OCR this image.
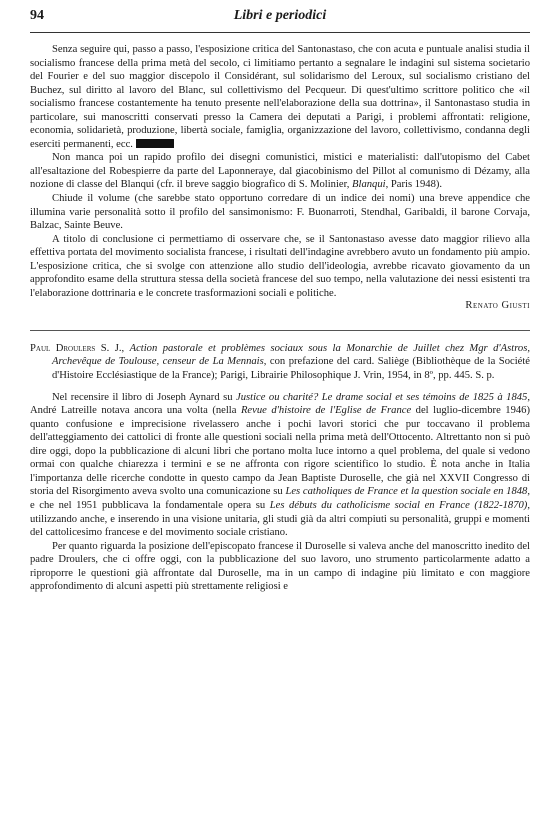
94	Libri e periodici

Senza seguire qui, passo a passo, l'esposizione critica del Santonastaso, che con acuta e puntuale analisi studia il socialismo francese della prima metà del secolo, ci limitiamo pertanto a segnalare le indagini sul sistema societario del Fourier e del suo maggior discepolo il Considérant, sul solidarismo del Leroux, sul socialismo cristiano del Buchez, sul diritto al lavoro del Blanc, sul collettivismo del Pecqueur. Di quest'ultimo scrittore politico che «il socialismo francese costantemente ha tenuto presente nell'elaborazione della sua dottrina», il Santonastaso studia in particolare, sui manoscritti conservati presso la Camera dei deputati a Parigi, i problemi affrontati: religione, economia, solidarietà, produzione, libertà sociale, famiglia, organizzazione del lavoro, collettivismo, condanna degli eserciti permanenti, ecc.

Non manca poi un rapido profilo dei disegni comunistici, mistici e materialisti: dall'utopismo del Cabet all'esaltazione del Robespierre da parte del Laponneraye, dal giacobinismo del Pillot al comunismo di Dézamy, alla nozione di classe del Blanqui (cfr. il breve saggio biografico di S. Molinier, Blanqui, Paris 1948).

Chiude il volume (che sarebbe stato opportuno corredare di un indice dei nomi) una breve appendice che illumina varie personalità sotto il profilo del sansimonismo: F. Buonarroti, Stendhal, Garibaldi, il barone Corvaja, Balzac, Sainte Beuve.

A titolo di conclusione ci permettiamo di osservare che, se il Santonastaso avesse dato maggior rilievo alla effettiva portata del movimento socialista francese, i risultati dell'indagine avrebbero avuto un fondamento più ampio. L'esposizione critica, che si svolge con attenzione allo studio dell'ideologia, avrebbe ricavato giovamento da un approfondito esame della struttura stessa della società francese del suo tempo, nella valutazione dei nessi esistenti tra l'elaborazione dottrinaria e le concrete trasformazioni sociali e politiche.

Renato Giusti
Paul Droulers S. J., Action pastorale et problèmes sociaux sous la Monarchie de Juillet chez Mgr d'Astros, Archevêque de Toulouse, censeur de La Mennais, con prefazione del card. Saliège (Bibliothèque de la Société d'Histoire Ecclésiastique de la France); Parigi, Librairie Philosophique J. Vrin, 1954, in 8º, pp. 445. S. p.

Nel recensire il libro di Joseph Aynard su Justice ou charité? Le drame social et ses témoins de 1825 à 1845, André Latreille notava ancora una volta (nella Revue d'histoire de l'Eglise de France del luglio-dicembre 1946) quanto confusione e imprecisione rivelassero anche i pochi lavori storici che pur toccavano il problema dell'atteggiamento dei cattolici di fronte alle questioni sociali nella prima metà dell'Ottocento. Altrettanto non si può dire oggi, dopo la pubblicazione di alcuni libri che portano molta luce intorno a quel problema, del quale si vedono ormai con qualche chiarezza i termini e se ne affronta con rigore scientifico lo studio. È nota anche in Italia l'importanza delle ricerche condotte in questo campo da Jean Baptiste Duroselle, che già nel XXVII Congresso di storia del Risorgimento aveva svolto una comunicazione su Les catholiques de France et la question sociale en 1848, e che nel 1951 pubblicava la fondamentale opera su Les débuts du catholicisme social en France (1822-1870), utilizzando anche, e inserendo in una visione unitaria, gli studi già da altri compiuti su personalità, gruppi e momenti del cattolicesimo francese e del movimento sociale cristiano.

Per quanto riguarda la posizione dell'episcopato francese il Duroselle si valeva anche del manoscritto inedito del padre Droulers, che ci offre oggi, con la pubblicazione del suo lavoro, uno strumento particolarmente adatto a riproporre le questioni già affrontate dal Duroselle, ma in un campo di indagine più limitato e con maggiore approfondimento di alcuni aspetti più strettamente religiosi e
